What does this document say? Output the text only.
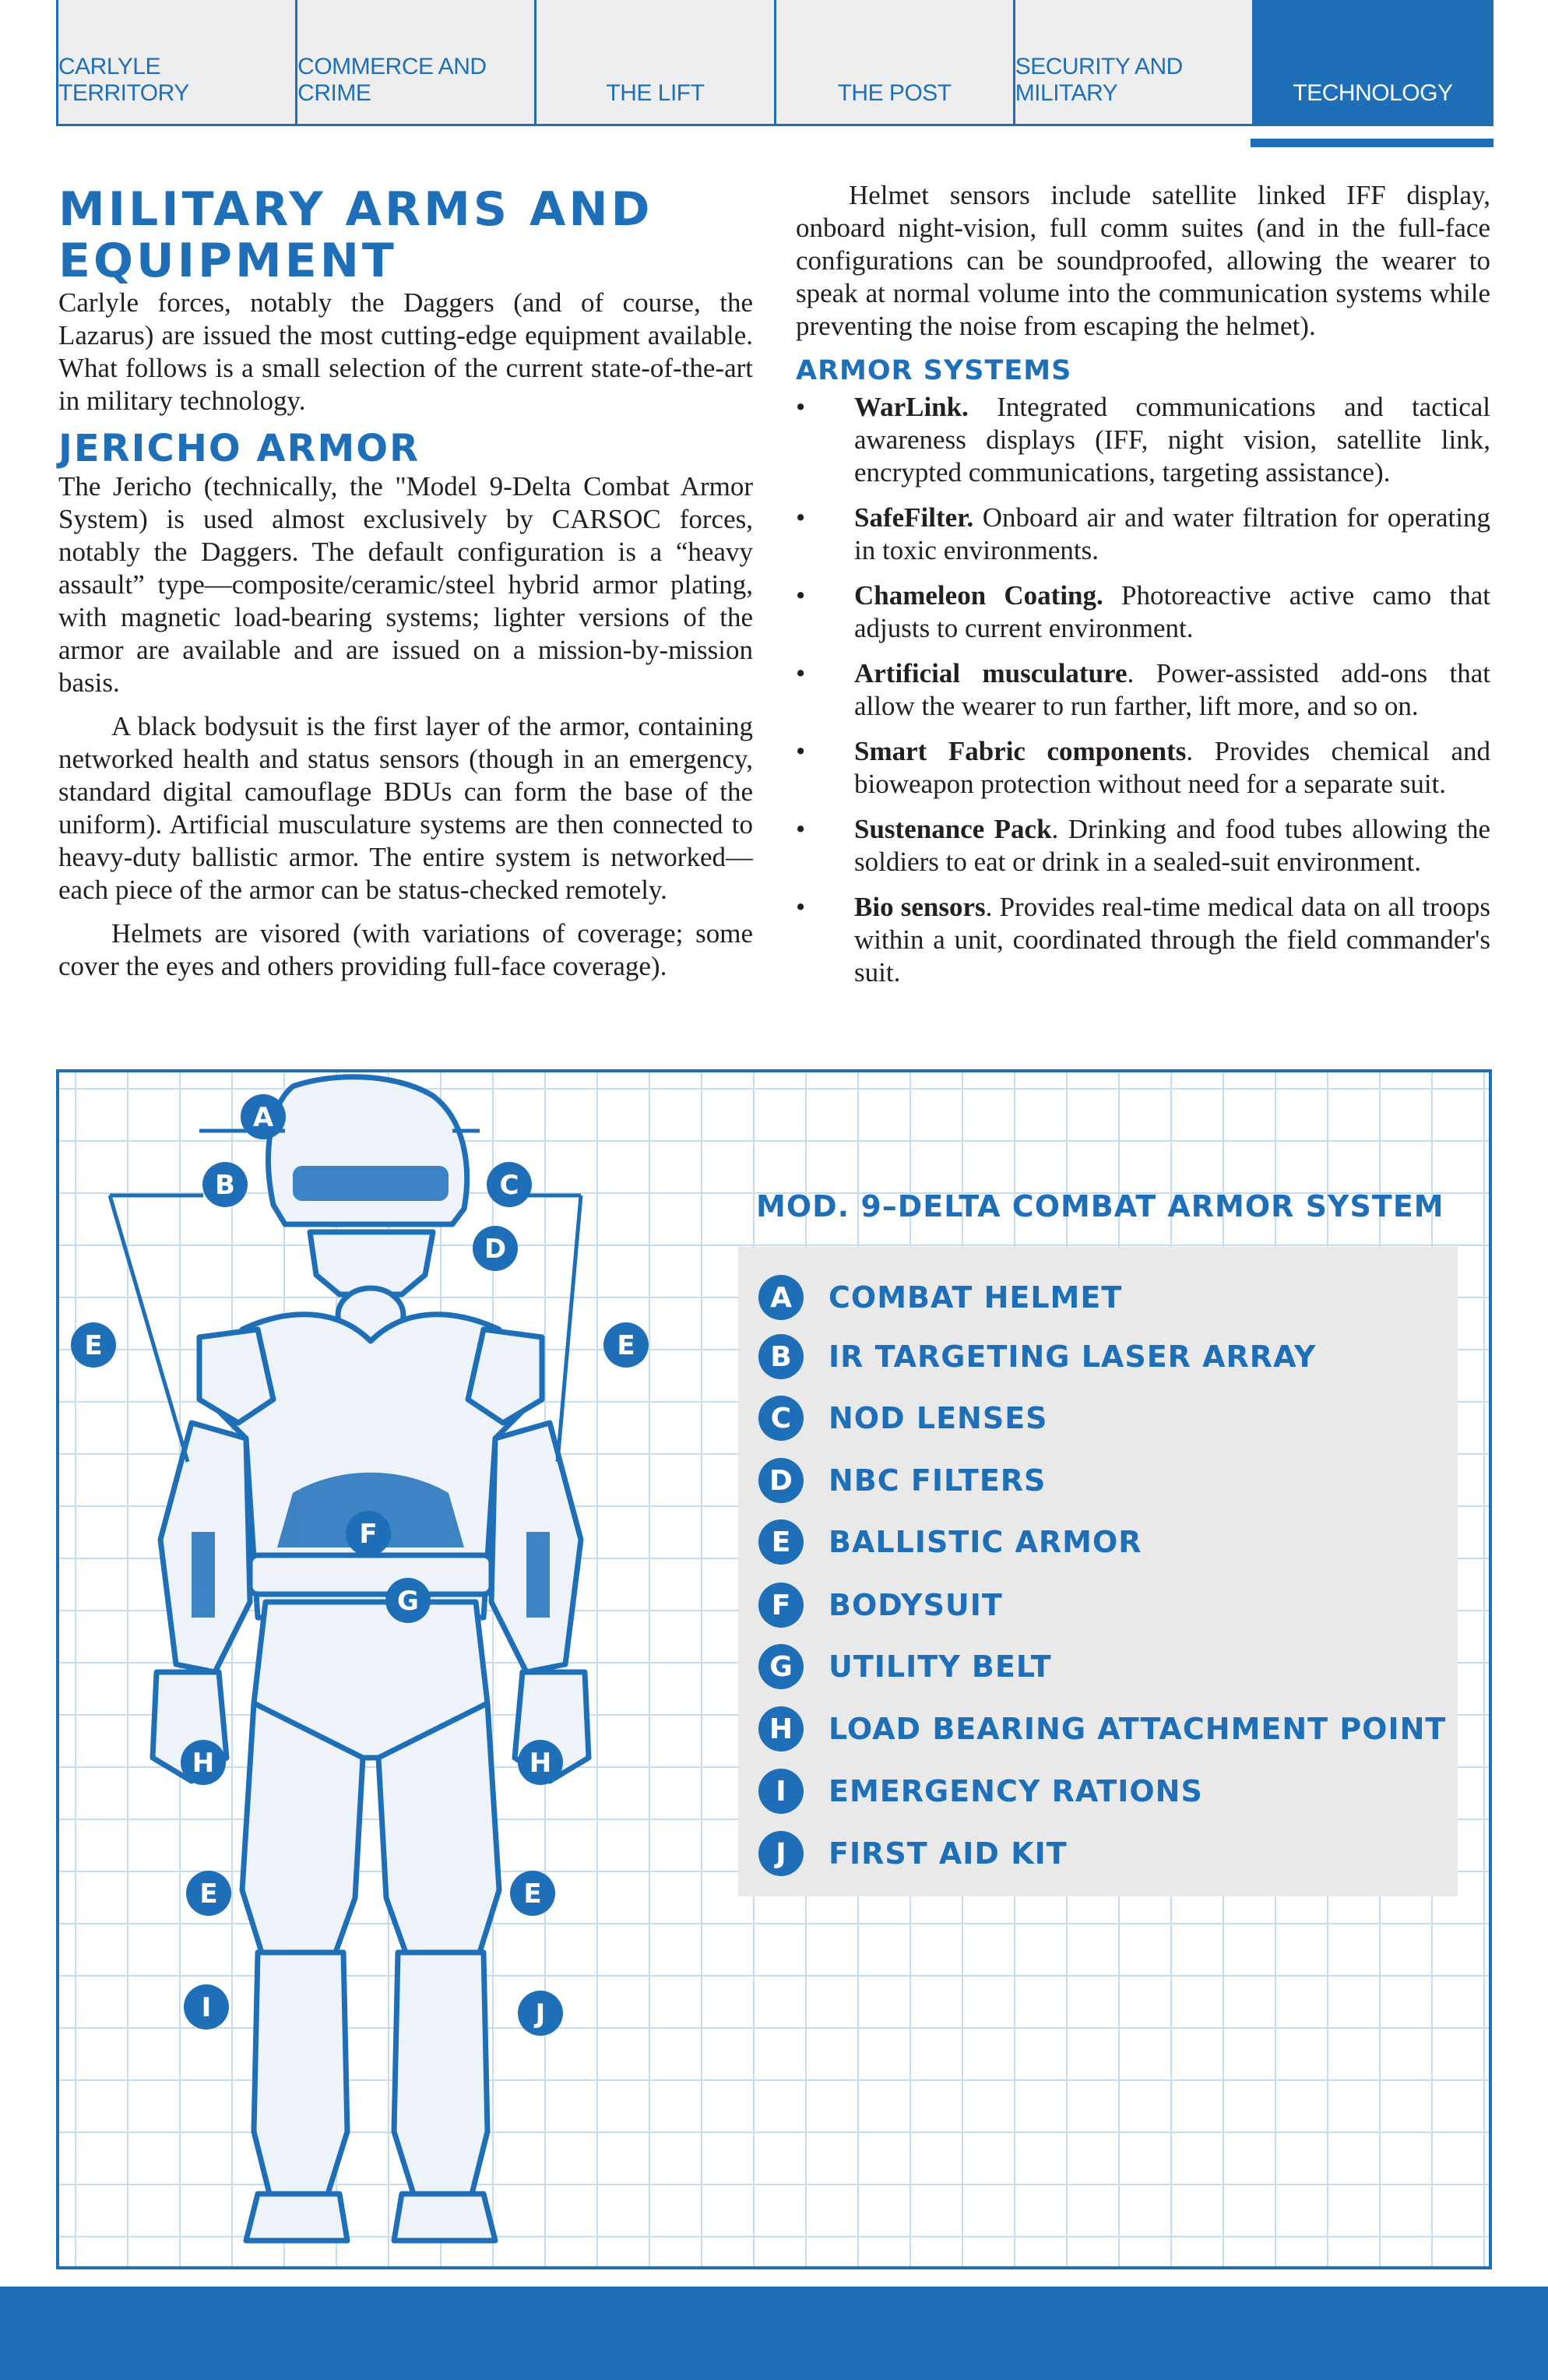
CARLYLE TERRITORY
COMMERCE AND CRIME	THE LIFT	THE POST
SECURITY AND MILITARY	TECHNOLOGY
MILITARY ARMS AND EQUIPMENT

Carlyle forces, notably the Daggers (and of course, the Lazarus) are issued the most cutting-edge equipment available. What follows is a small selection of the current state-of-the-art in military technology.

JERICHO ARMOR

The Jericho (technically, the "Model 9-Delta Combat Armor System) is used almost exclusively by CARSOC forces, notably the Daggers. The default configuration is a “heavy assault” type—composite/ceramic/steel hybrid armor plating, with magnetic load-bearing systems; lighter versions of the armor are available and are issued on a mission-by-mission basis.

A black bodysuit is the first layer of the armor, containing networked health and status sensors (though in an emergency, standard digital camouflage BDUs can form the base of the uniform). Artificial musculature systems are then connected to heavy-duty ballistic armor. The entire system is networked—each piece of the armor can be status-checked remotely.

Helmets are visored (with variations of coverage; some cover the eyes and others providing full-face coverage).

Helmet sensors include satellite linked IFF display, onboard night-vision, full comm suites (and in the full-face configurations can be soundproofed, allowing the wearer to speak at normal volume into the communication systems while preventing the noise from escaping the helmet).

ARMOR SYSTEMS
• WarLink. Integrated communications and tactical awareness displays (IFF, night vision, satellite link, encrypted communications, targeting assistance).
• SafeFilter. Onboard air and water filtration for operating in toxic environments.
• Chameleon Coating. Photoreactive active camo that adjusts to current environment.
• Artificial musculature. Power-assisted add-ons that allow the wearer to run farther, lift more, and so on.
• Smart Fabric components. Provides chemical and bioweapon protection without need for a separate suit.
• Sustenance Pack. Drinking and food tubes allowing the soldiers to eat or drink in a sealed-suit environment.
• Bio sensors. Provides real-time medical data on all troops within a unit, coordinated through the field commander's suit.
MOD. 9–DELTA COMBAT ARMOR SYSTEM
A	COMBAT HELMET
B	IR TARGETING LASER ARRAY
C	NOD LENSES
D	NBC FILTERS
E	BALLISTIC ARMOR
F	BODYSUIT
G	UTILITY BELT
H	LOAD BEARING ATTACHMENT POINT
I	EMERGENCY RATIONS
J	FIRST AID KIT
A
B	C
D
E	E
F
G
H	H
E	E
I	J
